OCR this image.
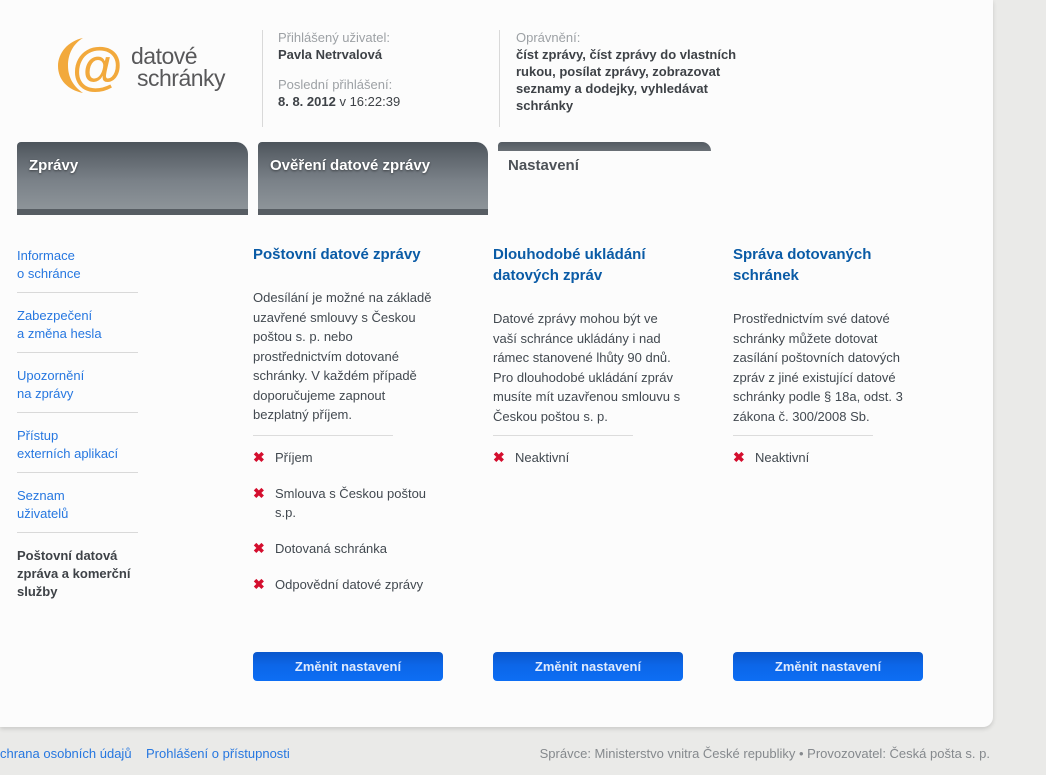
@ datové
schránky
Přihlášený uživatel:
Pavla Netrvalová
Poslední přihlášení:
8. 8. 2012 v 16:22:39
Oprávnění:
číst zprávy, číst zprávy do vlastních rukou, posílat zprávy, zobrazovat seznamy a dodejky, vyhledávat schránky
Zprávy	Ověření datové zprávy	Nastavení
Informace
o schránce
Zabezpečení
a změna hesla
Upozornění
na zprávy
Přístup
externích aplikací
Seznam
uživatelů
Poštovní datová
zpráva a komerční
služby
Poštovní datové zprávy

Odesílání je možné na základě uzavřené smlouvy s Českou poštou s. p. nebo prostřednictvím dotované schránky. V každém případě doporučujeme zapnout bezplatný příjem.

✖ Příjem
✖ Smlouva s Českou poštou s.p.
✖ Dotovaná schránka
✖ Odpovědní datové zprávy
Změnit nastavení
Dlouhodobé ukládání datových zpráv

Datové zprávy mohou být ve vaší schránce ukládány i nad rámec stanovené lhůty 90 dnů. Pro dlouhodobé ukládání zpráv musíte mít uzavřenou smlouvu s Českou poštou s. p.

✖ Neaktivní
Změnit nastavení
Správa dotovaných schránek

Prostřednictvím své datové schránky můžete dotovat zasílání poštovních datových zpráv z jiné existující datové schránky podle § 18a, odst. 3 zákona č. 300/2008 Sb.

✖ Neaktivní
Změnit nastavení
chrana osobních údajů Prohlášení o přístupnosti	Správce: Ministerstvo vnitra České republiky • Provozovatel: Česká pošta s. p.
